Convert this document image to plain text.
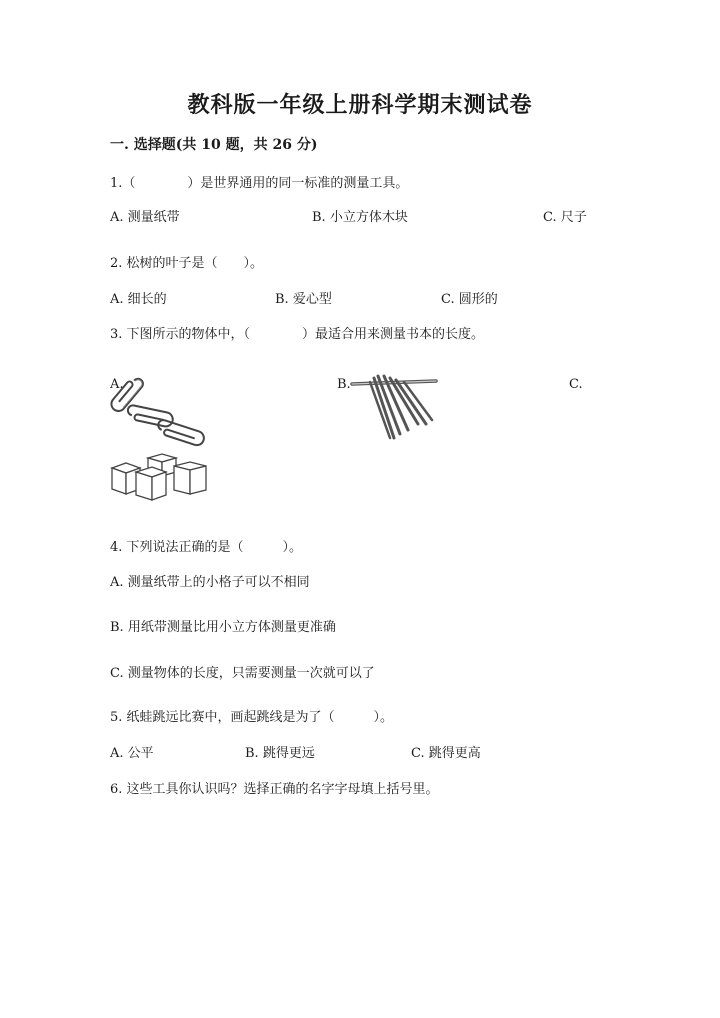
教科版一年级上册科学期末测试卷
一. 选择题(共 10 题，共 26 分)
1.（　　　　）是世界通用的同一标准的测量工具。
A. 测量纸带	B. 小立方体木块	C. 尺子
2. 松树的叶子是（　　）。
A. 细长的	B. 爱心型	C. 圆形的
3. 下图所示的物体中，（　　　　）最适合用来测量书本的长度。
A.	B.	C.
4. 下列说法正确的是（　　　）。
A. 测量纸带上的小格子可以不相同
B. 用纸带测量比用小立方体测量更准确
C. 测量物体的长度，只需要测量一次就可以了
5. 纸蛙跳远比赛中，画起跳线是为了（　　　）。
A. 公平	B. 跳得更远	C. 跳得更高
6. 这些工具你认识吗？选择正确的名字字母填上括号里。
